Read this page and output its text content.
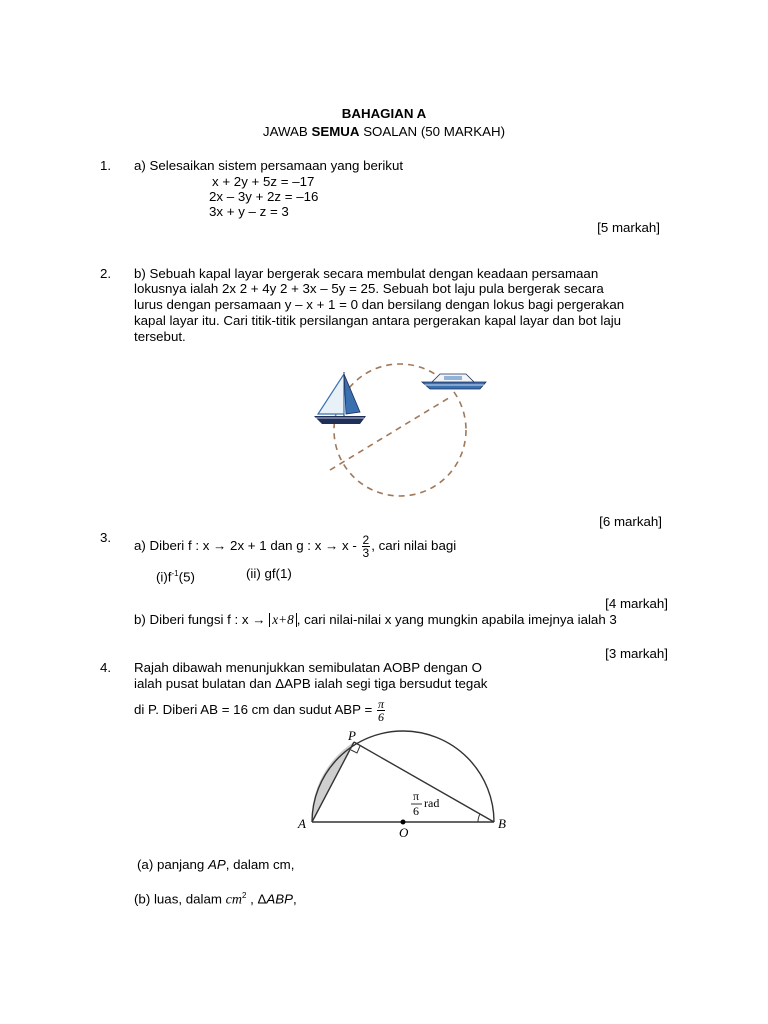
BAHAGIAN A
JAWAB SEMUA SOALAN (50 MARKAH)
1. a) Selesaikan sistem persamaan yang berikut
x + 2y + 5z = –17
2x – 3y + 2z = –16
3x + y – z = 3
[5 markah]
2. b) Sebuah kapal layar bergerak secara membulat dengan keadaan persamaan
lokusnya ialah 2x 2 + 4y 2 + 3x – 5y = 25. Sebuah bot laju pula bergerak secara
lurus dengan persamaan y – x + 1 = 0 dan bersilang dengan lokus bagi pergerakan
kapal layar itu. Cari titik-titik persilangan antara pergerakan kapal layar dan bot laju
tersebut.
[6 markah]
3.
a) Diberi f : x → 2x + 1 dan g : $x \to x - \frac{2}{3}$ , cari nilai bagi
$(i)f^{-1}(5)$	(ii) gf(1)
[4 markah]
b) Diberi fungsi f : x → x+8 , cari nilai-nilai x yang mungkin apabila imejnya ialah 3
[3 markah]
4. Rajah dibawah menunjukkan semibulatan AOBP dengan O
ialah pusat bulatan dan ΔAPB ialah segi tiga bersudut tegak
di P. Diberi AB = 16 cm dan sudut ABP = $\frac{\pi}{6}$
P
A
O
B
π
6
rad
(a) panjang AP, dalam cm,
(b) luas, dalam $cm^2$ , ΔABP,
